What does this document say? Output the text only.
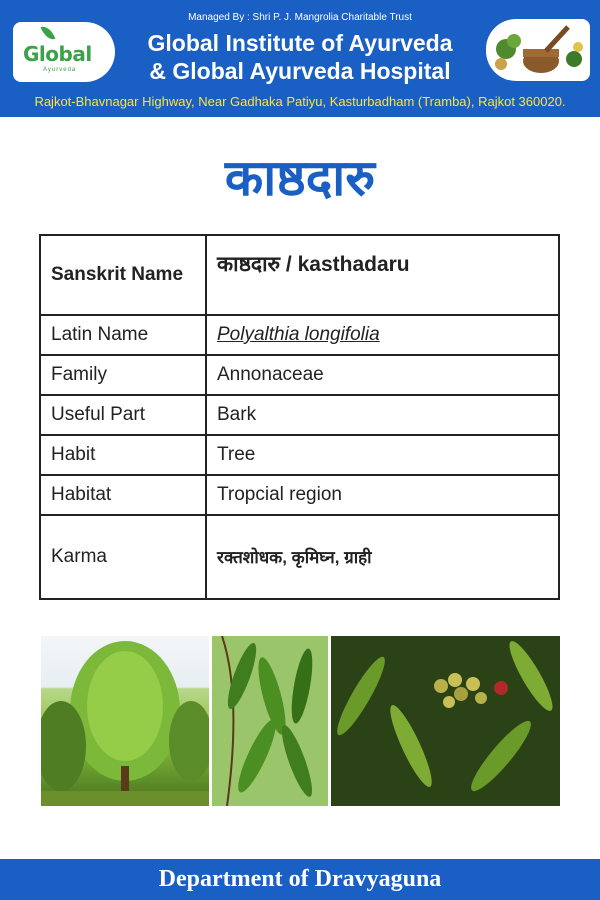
Global
Ayurveda
Managed By : Shri P. J. Mangrolia Charitable Trust
Global Institute of Ayurveda
& Global Ayurveda Hospital
Rajkot-Bhavnagar Highway, Near Gadhaka Patiyu, Kasturbadham (Tramba), Rajkot 360020.
काष्ठदारु
Sanskrit Name	काष्ठदारु / kasthadaru
Latin Name	Polyalthia longifolia
Family	Annonaceae
Useful Part	Bark
Habit	Tree
Habitat	Tropcial region
Karma	रक्तशोधक, कृमिघ्न, ग्राही
Department of Dravyaguna
